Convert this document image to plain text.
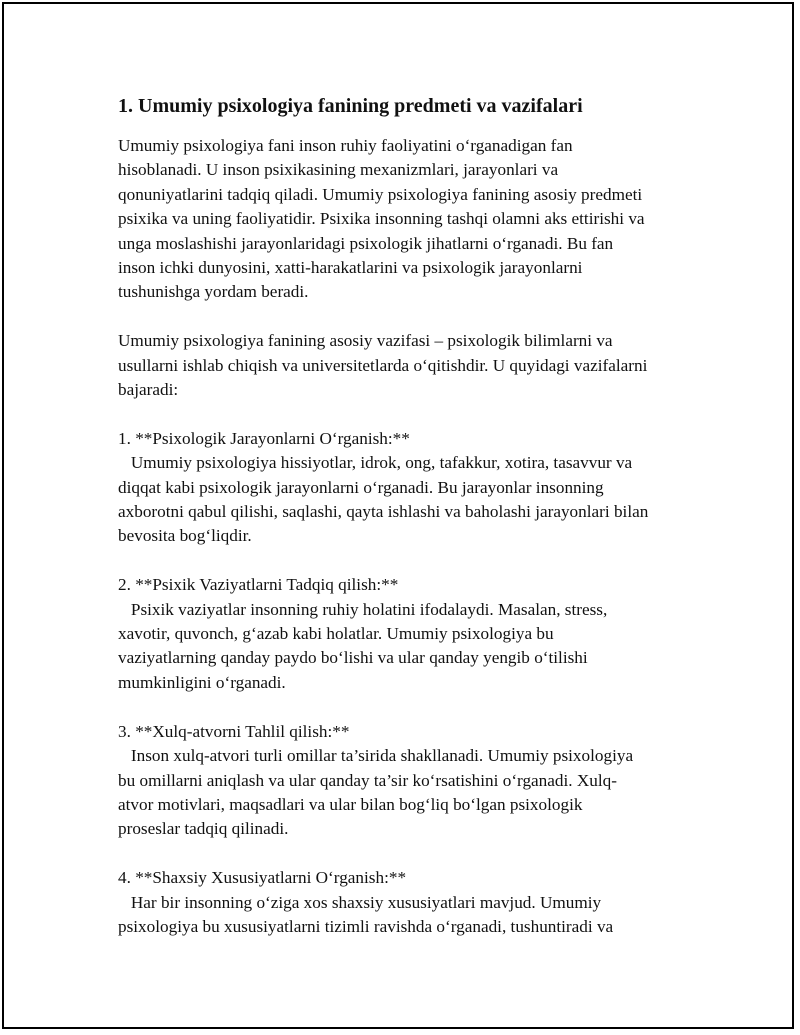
1. Umumiy psixologiya fanining predmeti va vazifalari
Umumiy psixologiya fani inson ruhiy faoliyatini o‘rganadigan fan
hisoblanadi. U inson psixikasining mexanizmlari, jarayonlari va
qonuniyatlarini tadqiq qiladi. Umumiy psixologiya fanining asosiy predmeti
psixika va uning faoliyatidir. Psixika insonning tashqi olamni aks ettirishi va
unga moslashishi jarayonlaridagi psixologik jihatlarni o‘rganadi. Bu fan
inson ichki dunyosini, xatti-harakatlarini va psixologik jarayonlarni
tushunishga yordam beradi.
Umumiy psixologiya fanining asosiy vazifasi – psixologik bilimlarni va
usullarni ishlab chiqish va universitetlarda o‘qitishdir. U quyidagi vazifalarni
bajaradi:
1. **Psixologik Jarayonlarni O‘rganish:**
Umumiy psixologiya hissiyotlar, idrok, ong, tafakkur, xotira, tasavvur va
diqqat kabi psixologik jarayonlarni o‘rganadi. Bu jarayonlar insonning
axborotni qabul qilishi, saqlashi, qayta ishlashi va baholashi jarayonlari bilan
bevosita bog‘liqdir.
2. **Psixik Vaziyatlarni Tadqiq qilish:**
Psixik vaziyatlar insonning ruhiy holatini ifodalaydi. Masalan, stress,
xavotir, quvonch, g‘azab kabi holatlar. Umumiy psixologiya bu
vaziyatlarning qanday paydo bo‘lishi va ular qanday yengib o‘tilishi
mumkinligini o‘rganadi.
3. **Xulq-atvorni Tahlil qilish:**
Inson xulq-atvori turli omillar ta’sirida shakllanadi. Umumiy psixologiya
bu omillarni aniqlash va ular qanday ta’sir ko‘rsatishini o‘rganadi. Xulq-
atvor motivlari, maqsadlari va ular bilan bog‘liq bo‘lgan psixologik
proseslar tadqiq qilinadi.
4. **Shaxsiy Xususiyatlarni O‘rganish:**
Har bir insonning o‘ziga xos shaxsiy xususiyatlari mavjud. Umumiy
psixologiya bu xususiyatlarni tizimli ravishda o‘rganadi, tushuntiradi va
